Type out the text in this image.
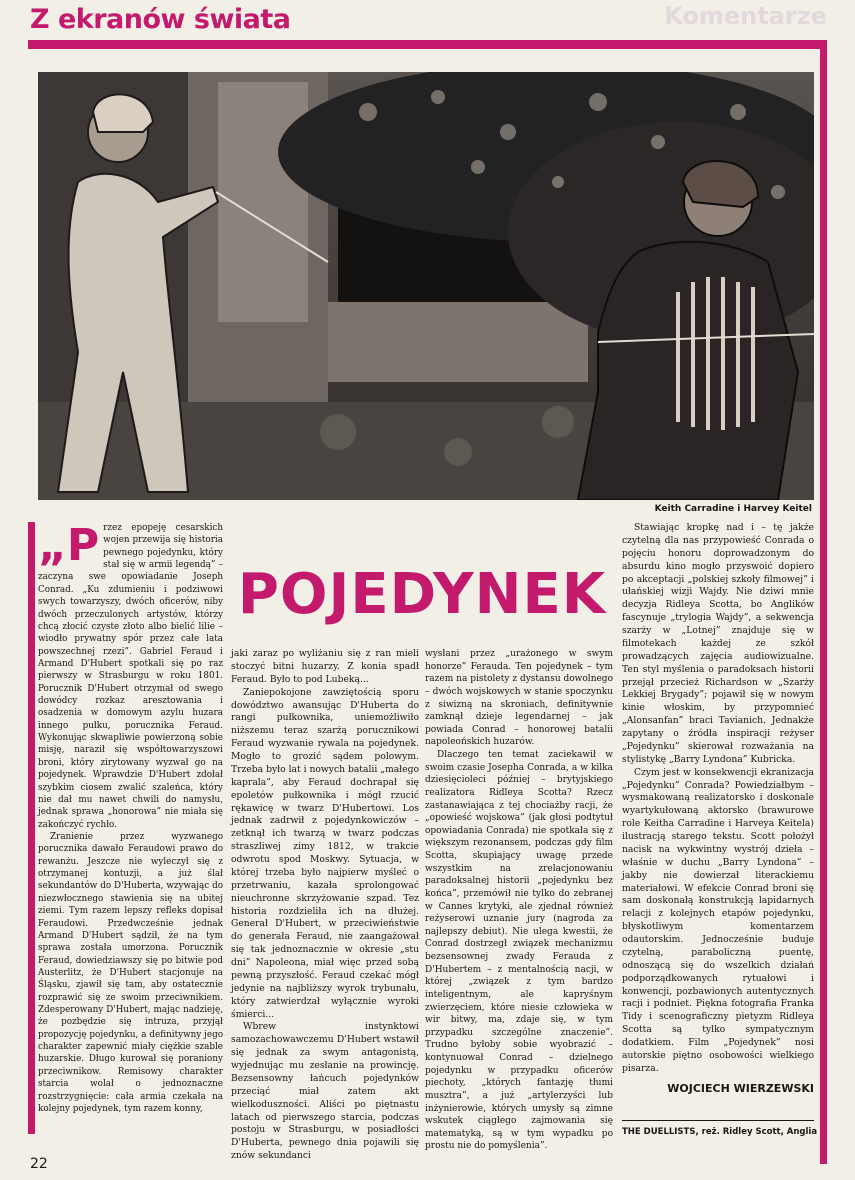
Z ekranów świata	Komentarze
Keith Carradine i Harvey Keitel
POJEDYNEK
„P rzez epopeję cesarskich wojen przewija się historia pewnego pojedynku, który stał się w armii legendą” – zaczyna swe opowiadanie Joseph Conrad. „Ku zdumieniu i podziwowi swych towarzyszy, dwóch oficerów, niby dwóch przeczulonych artystów, którzy chcą złocić czyste złoto albo bielić lilie – wiodło prywatny spór przez całe lata powszechnej rzezi”. Gabriel Feraud i Armand D'Hubert spotkali się po raz pierwszy w Strasburgu w roku 1801. Porucznik D'Hubert otrzymał od swego dowódcy rozkaz aresztowania i osadzenia w domowym azylu huzara innego pułku, porucznika Feraud. Wykonując skwapliwie powierzoną sobie misję, naraził się współtowarzyszowi broni, który zirytowany wyzwał go na pojedynek. Wprawdzie D'Hubert zdołał szybkim ciosem zwalić szaleńca, który nie dał mu nawet chwili do namysłu, jednak sprawa „honorowa” nie miała się zakończyć rychło.

Zranienie przez wyzwanego porucznika dawało Feraudowi prawo do rewanżu. Jeszcze nie wyleczył się z otrzymanej kontuzji, a już ślał sekundantów do D'Huberta, wzywając do niezwłocznego stawienia się na ubitej ziemi. Tym razem lepszy refleks dopisał Feraudowi. Przedwcześnie jednak Armand D'Hubert sądził, że na tym sprawa została umorzona. Porucznik Feraud, dowiedziawszy się po bitwie pod Austerlitz, że D'Hubert stacjonuje na Śląsku, zjawił się tam, aby ostatecznie rozprawić się ze swoim przeciwnikiem. Zdesperowany D'Hubert, mając nadzieję, że pozbędzie się intruza, przyjął propozycję pojedynku, a definitywny jego charakter zapewnić miały ciężkie szable huzarskie. Długo kurował się poraniony przeciwnikow. Remisowy charakter starcia wolał o jednoznaczne rozstrzygnięcie: cała armia czekała na kolejny pojedynek, tym razem konny,

jaki zaraz po wyliżaniu się z ran mieli stoczyć bitni huzarzy. Z konia spadł Feraud. Było to pod Lubeką...

Zaniepokojone zawziętością sporu dowództwo awansując D'Huberta do rangi pułkownika, uniemożliwiło niższemu teraz szarżą porucznikowi Feraud wyzwanie rywala na pojedynek. Mogło to grozić sądem polowym. Trzeba było lat i nowych batalii „małego kaprala”, aby Feraud dochrapał się epoletów pułkownika i mógł rzucić rękawicę w twarz D'Hubertowi. Los jednak zadrwił z pojedynkowiczów – zetknął ich twarzą w twarz podczas straszliwej zimy 1812, w trakcie odwrotu spod Moskwy. Sytuacja, w której trzeba było najpierw myśleć o przetrwaniu, kazała sprolongować nieuchronne skrzyżowanie szpad. Tez historia rozdzieliła ich na dłużej. Generał D'Hubert, w przeciwieństwie do generała Feraud, nie zaangażował się tak jednoznacznie w okresie „stu dni” Napoleona, miał więc przed sobą pewną przyszłość. Feraud czekać mógł jedynie na najbliższy wyrok trybunału, który zatwierdzał wyłącznie wyroki śmierci...

Wbrew instynktowi samozachowawczemu D'Hubert wstawił się jednak za swym antagonistą, wyjednując mu zesłanie na prowincję. Bezsensowny łańcuch pojedynków przeciąć miał zatem akt wielkoduszności. Aliści po piętnastu latach od pierwszego starcia, podczas postoju w Strasburgu, w posiadłości D'Huberta, pewnego dnia pojawili się znów sekundanci

wysłani przez „urażonego w swym honorze” Ferauda. Ten pojedynek – tym razem na pistolety z dystansu dowolnego – dwóch wojskowych w stanie spoczynku z siwizną na skroniach, definitywnie zamknął dzieje legendarnej – jak powiada Conrad – honorowej batalii napoleońskich huzarów.

Dlaczego ten temat zaciekawił w swoim czasie Josepha Conrada, a w kilka dziesięcioleci później – brytyjskiego realizatora Ridleya Scotta? Rzecz zastanawiająca z tej chociażby racji, że „opowieść wojskowa” (jak głosi podtytuł opowiadania Conrada) nie spotkała się z większym rezonansem, podczas gdy film Scotta, skupiający uwagę przede wszystkim na zrelacjonowaniu paradoksalnej historii „pojedynku bez końca”, przemówił nie tylko do zebranej w Cannes krytyki, ale zjednał również reżyserowi uznanie jury (nagroda za najlepszy debiut). Nie ulega kwestii, że Conrad dostrzegł związek mechanizmu bezsensownej zwady Ferauda z D'Hubertem – z mentalnością nacji, w której „związek z tym bardzo inteligentnym, ale kapryśnym zwierzęciem, które niesie człowieka w wir bitwy, ma, zdaje się, w tym przypadku szczególne znaczenie”. Trudno byłoby sobie wyobrazić – kontynuował Conrad – dzielnego pojedynku w przypadku oficerów piechoty, „których fantazję tłumi musztra”, a już „artylerzyści lub inżynierowie, których umysły są zimne wskutek ciągłego zajmowania się matematyką, są w tym wypadku po prostu nie do pomyślenia”.

Stawiając kropkę nad i – tę jakże czytelną dla nas przypowieść Conrada o pojęciu honoru doprowadzonym do absurdu kino mogło przyswoić dopiero po akceptacji „polskiej szkoły filmowej” i ułańskiej wizji Wajdy. Nie dziwi mnie decyzja Ridleya Scotta, bo Anglików fascynuje „trylogia Wajdy”, a sekwencja szarży w „Lotnej” znajduje się w filmotekach każdej ze szkół prowadzących zajęcia audiowizualne. Ten styl myślenia o paradoksach historii przejął przecież Richardson w „Szarży Lekkiej Brygady”; pojawił się w nowym kinie włoskim, by przypomnieć „Alonsanfan” braci Tavianich. Jednakże zapytany o źródła inspiracji reżyser „Pojedynku” skierował rozważania na stylistykę „Barry Lyndona” Kubricka.

Czym jest w konsekwencji ekranizacja „Pojedynku” Conrada? Powiedziałbym – wysmakowaną realizatorsko i doskonale wyartykułowaną aktorsko (brawurowe role Keitha Carradine i Harveya Keitela) ilustracją starego tekstu. Scott położył nacisk na wykwintny wystrój dzieła – właśnie w duchu „Barry Lyndona” – jakby nie dowierzał literackiemu materiałowi. W efekcie Conrad broni się sam doskonałą konstrukcją lapidarnych relacji z kolejnych etapów pojedynku, błyskotliwym komentarzem odautorskim. Jednocześnie buduje czytelną, paraboliczną puentę, odnoszącą się do wszelkich działań podporządkowanych rytuałowi i konwencji, pozbawionych autentycznych racji i podniet. Piękna fotografia Franka Tidy i scenograficzny pietyzm Ridleya Scotta są tylko sympatycznym dodatkiem. Film „Pojedynek” nosi autorskie piętno osobowości wielkiego pisarza.

WOJCIECH WIERZEWSKI
THE DUELLISTS, reż. Ridley Scott, Anglia
22
